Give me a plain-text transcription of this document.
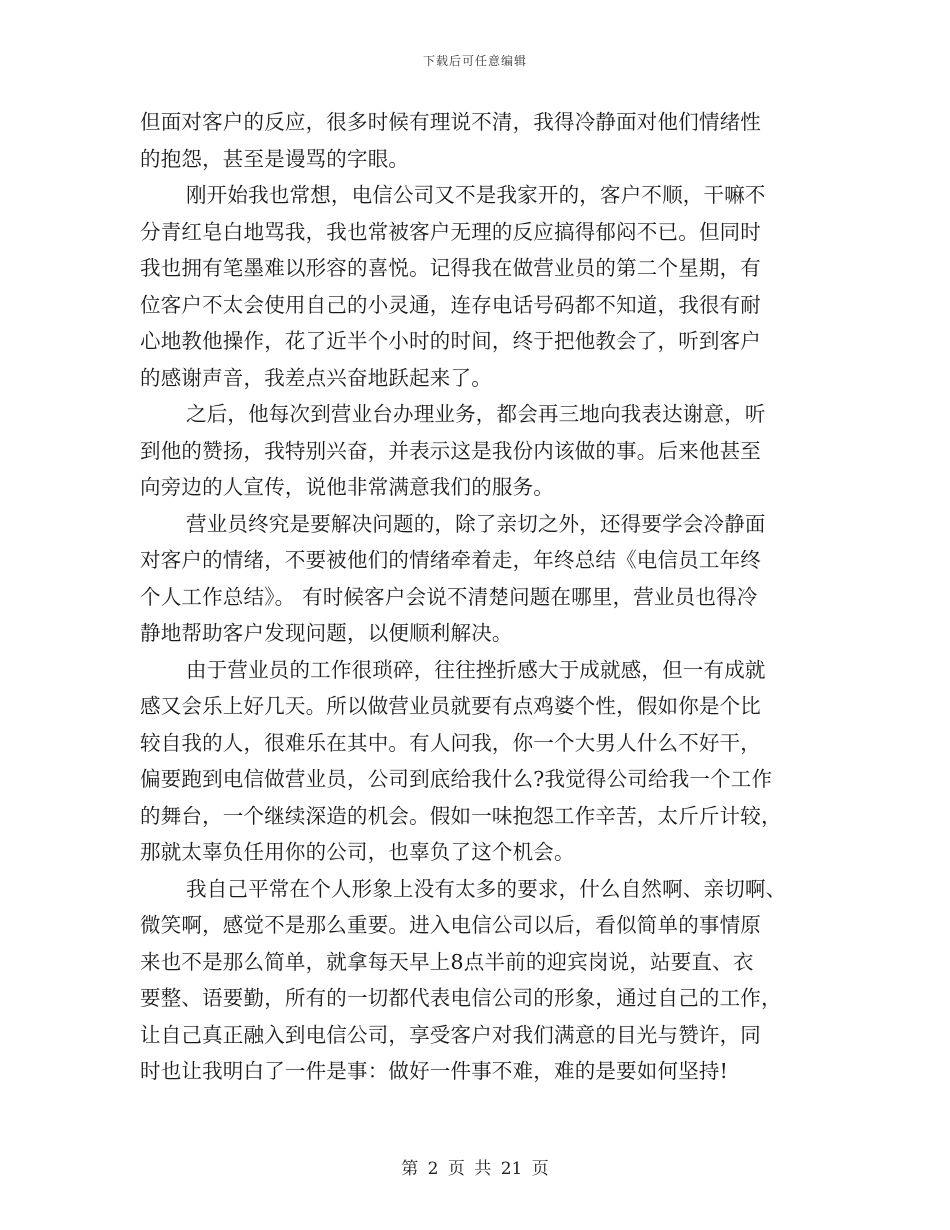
下载后可任意编辑
但面对客户的反应，很多时候有理说不清，我得冷静面对他们情绪性
的抱怨，甚至是谩骂的字眼。
刚开始我也常想，电信公司又不是我家开的，客户不顺，干嘛不
分青红皂白地骂我，我也常被客户无理的反应搞得郁闷不已。但同时
我也拥有笔墨难以形容的喜悦。记得我在做营业员的第二个星期，有
位客户不太会使用自己的小灵通，连存电话号码都不知道，我很有耐
心地教他操作，花了近半个小时的时间，终于把他教会了，听到客户
的感谢声音，我差点兴奋地跃起来了。
之后，他每次到营业台办理业务，都会再三地向我表达谢意，听
到他的赞扬，我特别兴奋，并表示这是我份内该做的事。后来他甚至
向旁边的人宣传，说他非常满意我们的服务。
营业员终究是要解决问题的，除了亲切之外，还得要学会冷静面
对客户的情绪，不要被他们的情绪牵着走，年终总结《电信员工年终
个人工作总结》。 有时候客户会说不清楚问题在哪里，营业员也得冷
静地帮助客户发现问题，以便顺利解决。
由于营业员的工作很琐碎，往往挫折感大于成就感，但一有成就
感又会乐上好几天。所以做营业员就要有点鸡婆个性，假如你是个比
较自我的人，很难乐在其中。有人问我，你一个大男人什么不好干，
偏要跑到电信做营业员，公司到底给我什么?我觉得公司给我一个工作
的舞台，一个继续深造的机会。假如一味抱怨工作辛苦，太斤斤计较，
那就太辜负任用你的公司，也辜负了这个机会。
我自己平常在个人形象上没有太多的要求，什么自然啊、亲切啊、
微笑啊，感觉不是那么重要。进入电信公司以后，看似简单的事情原
来也不是那么简单，就拿每天早上8点半前的迎宾岗说，站要直、衣
要整、语要勤，所有的一切都代表电信公司的形象，通过自己的工作，
让自己真正融入到电信公司，享受客户对我们满意的目光与赞许，同
时也让我明白了一件是事：做好一件事不难，难的是要如何坚持!
第 2 页 共 21 页
